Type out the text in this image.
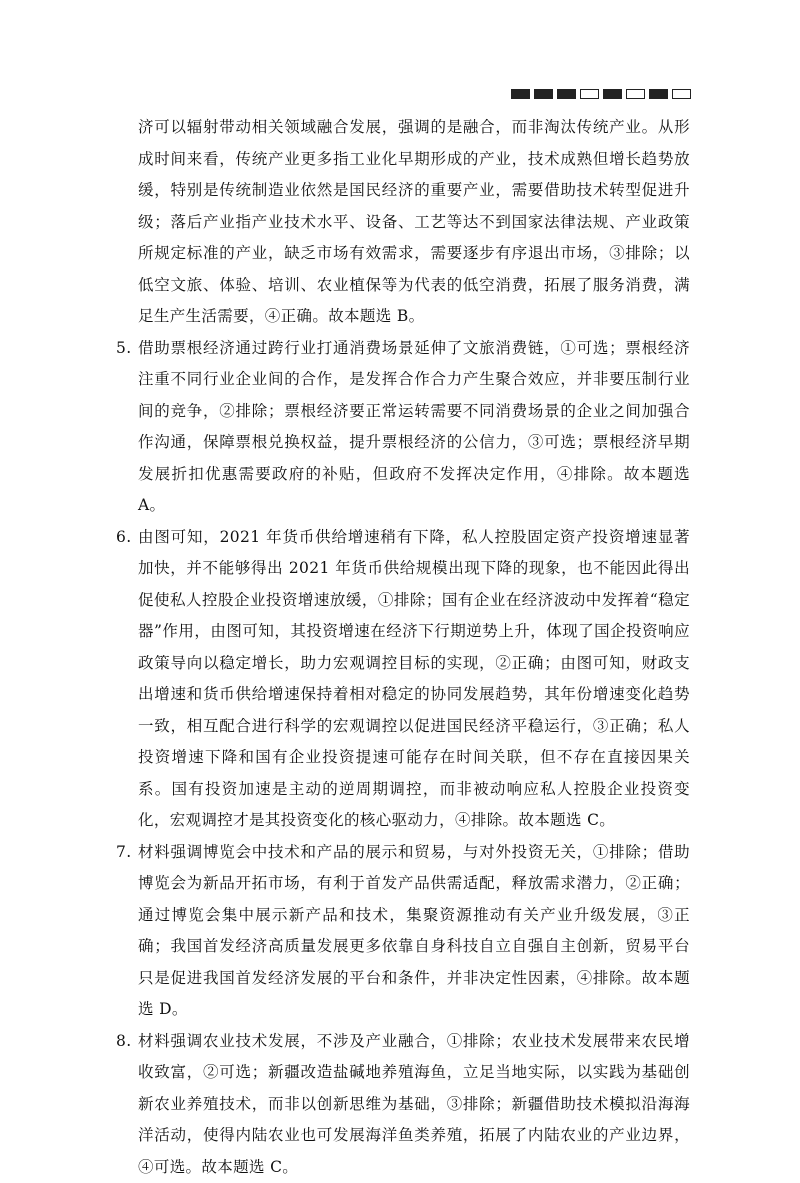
济可以辐射带动相关领域融合发展，强调的是融合，而非淘汰传统产业。从形成时间来看，传统产业更多指工业化早期形成的产业，技术成熟但增长趋势放缓，特别是传统制造业依然是国民经济的重要产业，需要借助技术转型促进升级；落后产业指产业技术水平、设备、工艺等达不到国家法律法规、产业政策所规定标准的产业，缺乏市场有效需求，需要逐步有序退出市场，③排除；以低空文旅、体验、培训、农业植保等为代表的低空消费，拓展了服务消费，满足生产生活需要，④正确。故本题选 B。

5. 借助票根经济通过跨行业打通消费场景延伸了文旅消费链，①可选；票根经济注重不同行业企业间的合作，是发挥合作合力产生聚合效应，并非要压制行业间的竞争，②排除；票根经济要正常运转需要不同消费场景的企业之间加强合作沟通，保障票根兑换权益，提升票根经济的公信力，③可选；票根经济早期发展折扣优惠需要政府的补贴，但政府不发挥决定作用，④排除。故本题选 A。
6. 由图可知，2021 年货币供给增速稍有下降，私人控股固定资产投资增速显著加快，并不能够得出 2021 年货币供给规模出现下降的现象，也不能因此得出促使私人控股企业投资增速放缓，①排除；国有企业在经济波动中发挥着“稳定器”作用，由图可知，其投资增速在经济下行期逆势上升，体现了国企投资响应政策导向以稳定增长，助力宏观调控目标的实现，②正确；由图可知，财政支出增速和货币供给增速保持着相对稳定的协同发展趋势，其年份增速变化趋势一致，相互配合进行科学的宏观调控以促进国民经济平稳运行，③正确；私人投资增速下降和国有企业投资提速可能存在时间关联，但不存在直接因果关系。国有投资加速是主动的逆周期调控，而非被动响应私人控股企业投资变化，宏观调控才是其投资变化的核心驱动力，④排除。故本题选 C。
7. 材料强调博览会中技术和产品的展示和贸易，与对外投资无关，①排除；借助博览会为新品开拓市场，有利于首发产品供需适配，释放需求潜力，②正确；通过博览会集中展示新产品和技术，集聚资源推动有关产业升级发展，③正确；我国首发经济高质量发展更多依靠自身科技自立自强自主创新，贸易平台只是促进我国首发经济发展的平台和条件，并非决定性因素，④排除。故本题选 D。
8. 材料强调农业技术发展，不涉及产业融合，①排除；农业技术发展带来农民增收致富，②可选；新疆改造盐碱地养殖海鱼，立足当地实际，以实践为基础创新农业养殖技术，而非以创新思维为基础，③排除；新疆借助技术模拟沿海海洋活动，使得内陆农业也可发展海洋鱼类养殖，拓展了内陆农业的产业边界，④可选。故本题选 C。
